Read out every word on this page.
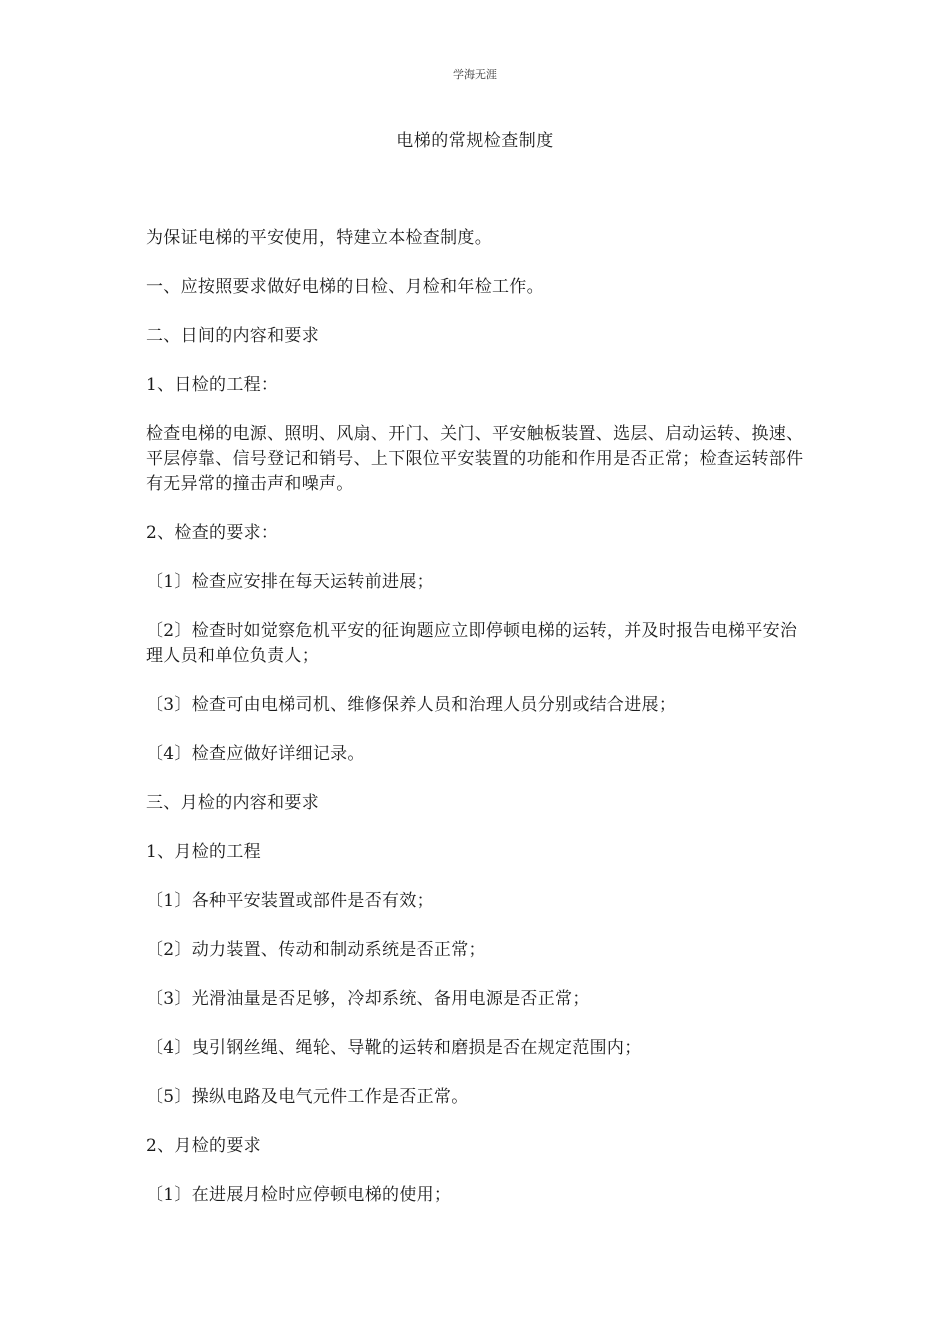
学海无涯
电梯的常规检查制度

为保证电梯的平安使用，特建立本检查制度。

一、应按照要求做好电梯的日检、月检和年检工作。

二、日间的内容和要求

1、日检的工程：

检查电梯的电源、照明、风扇、开门、关门、平安触板装置、选层、启动运转、换速、平层停靠、信号登记和销号、上下限位平安装置的功能和作用是否正常；检查运转部件有无异常的撞击声和噪声。

2、检查的要求：

〔1〕检查应安排在每天运转前进展；

〔2〕检查时如觉察危机平安的征询题应立即停顿电梯的运转，并及时报告电梯平安治理人员和单位负责人；

〔3〕检查可由电梯司机、维修保养人员和治理人员分别或结合进展；

〔4〕检查应做好详细记录。

三、月检的内容和要求

1、月检的工程

〔1〕各种平安装置或部件是否有效；

〔2〕动力装置、传动和制动系统是否正常；

〔3〕光滑油量是否足够，冷却系统、备用电源是否正常；

〔4〕曳引钢丝绳、绳轮、导靴的运转和磨损是否在规定范围内；

〔5〕操纵电路及电气元件工作是否正常。

2、月检的要求

〔1〕在进展月检时应停顿电梯的使用；
